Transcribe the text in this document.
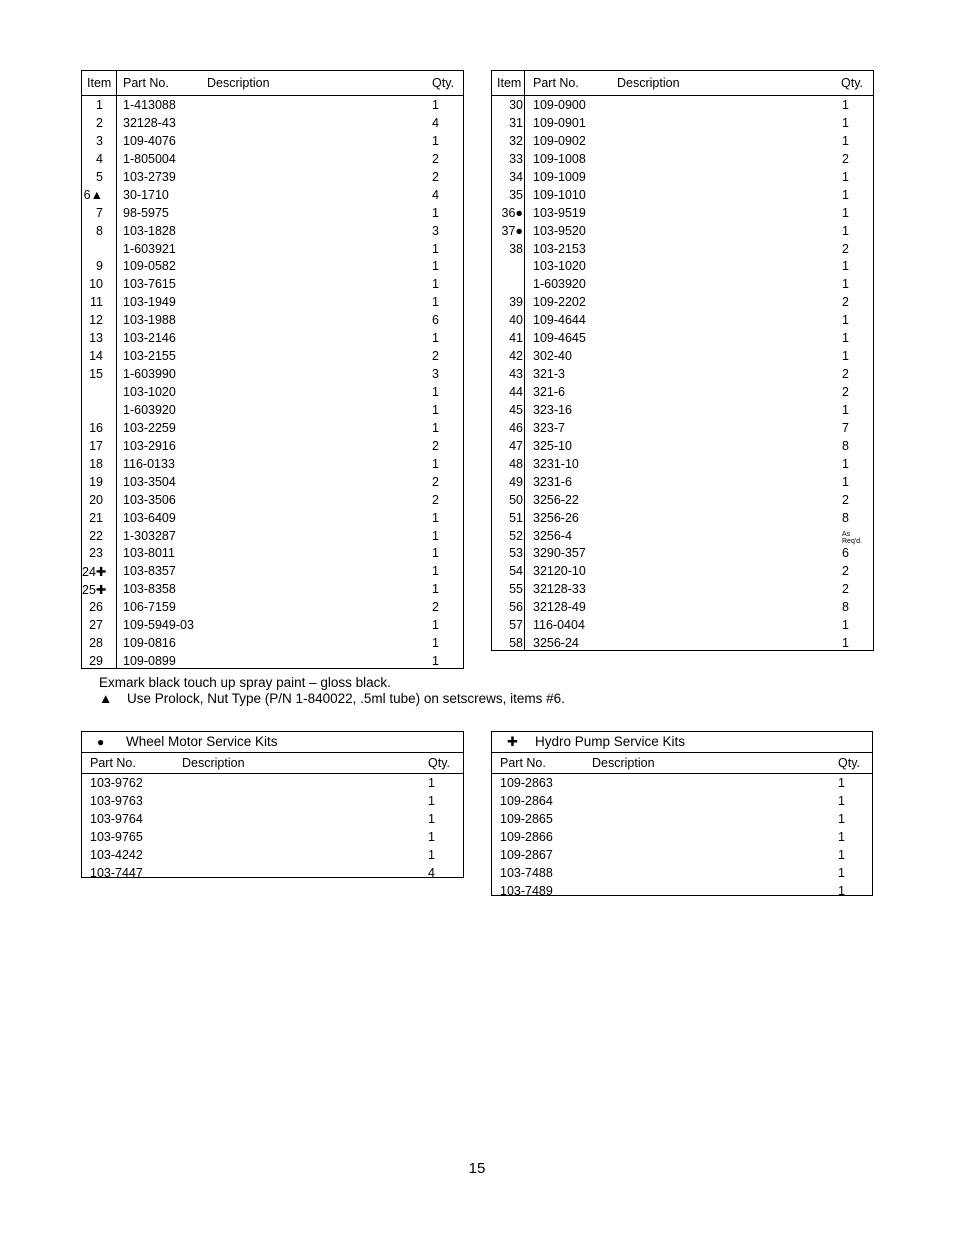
Item Part No.	Description	Qty.
1 1-413088	1
2 32128-43	4
3 109-4076	1
4 1-805004	2
5 103-2739	2
6▲ 30-1710	4
7 98-5975	1
8 103-1828	3
1-603921	1
9 109-0582	1
10 103-7615	1
11 103-1949	1
12 103-1988	6
13 103-2146	1
14 103-2155	2
15 1-603990	3
103-1020	1
1-603920	1
16 103-2259	1
17 103-2916	2
18 116-0133	1
19 103-3504	2
20 103-3506	2
21 103-6409	1
22 1-303287	1
23 103-8011	1
24✚ 103-8357	1
25✚ 103-8358	1
26 106-7159	2
27 109-5949-03	1
28 109-0816	1
29 109-0899	1
Item Part No.	Description	Qty.
30 109-0900	1
31 109-0901	1
32 109-0902	1
33 109-1008	2
34 109-1009	1
35 109-1010	1
36● 103-9519	1
37● 103-9520	1
38 103-2153	2
103-1020	1
1-603920	1
39 109-2202	2
40 109-4644	1
41 109-4645	1
42 302-40	1
43 321-3	2
44 321-6	2
45 323-16	1
46 323-7	7
47 325-10	8
48 3231-10	1
49 3231-6	1
50 3256-22	2
51 3256-26	8
52 3256-4	As Req'd.
53 3290-357	6
54 32120-10	2
55 32128-33	2
56 32128-49	8
57 116-0404	1
58 3256-24	1
Exmark black touch up spray paint – gloss black.
▲ Use Prolock, Nut Type (P/N 1-840022, .5ml tube) on setscrews, items #6.
● Wheel Motor Service Kits
Part No.	Description	Qty.
103-9762	1
103-9763	1
103-9764	1
103-9765	1
103-4242	1
103-7447	4
✚ Hydro Pump Service Kits
Part No.	Description	Qty.
109-2863	1
109-2864	1
109-2865	1
109-2866	1
109-2867	1
103-7488	1
103-7489	1
15
